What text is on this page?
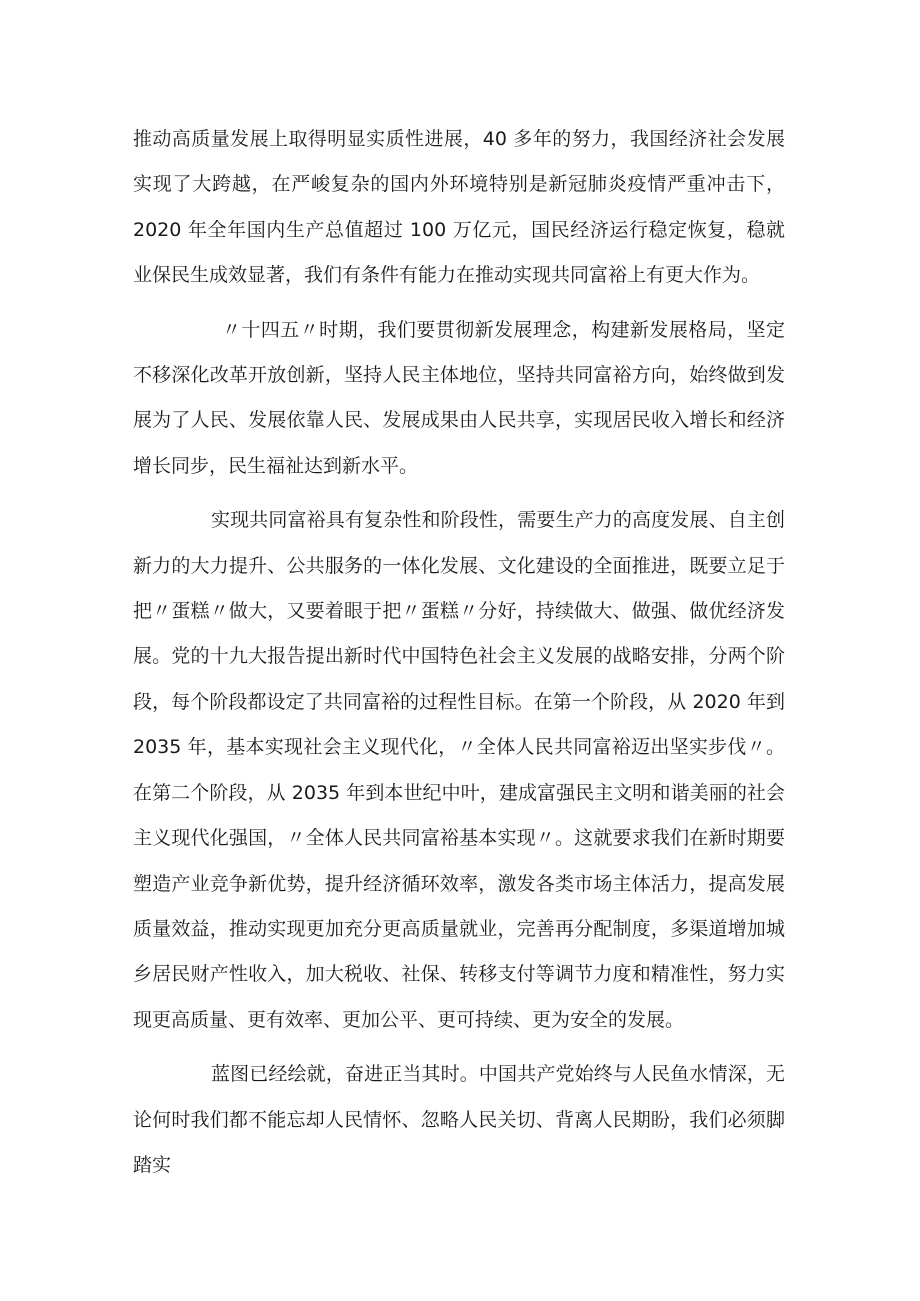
推动高质量发展上取得明显实质性进展，40 多年的努力，我国经济社会发展实现了大跨越，在严峻复杂的国内外环境特别是新冠肺炎疫情严重冲击下，2020 年全年国内生产总值超过 100 万亿元，国民经济运行稳定恢复，稳就业保民生成效显著，我们有条件有能力在推动实现共同富裕上有更大作为。

〃十四五〃时期，我们要贯彻新发展理念，构建新发展格局，坚定不移深化改革开放创新，坚持人民主体地位，坚持共同富裕方向，始终做到发展为了人民、发展依靠人民、发展成果由人民共享，实现居民收入增长和经济增长同步，民生福祉达到新水平。

实现共同富裕具有复杂性和阶段性，需要生产力的高度发展、自主创新力的大力提升、公共服务的一体化发展、文化建设的全面推进，既要立足于把〃蛋糕〃做大，又要着眼于把〃蛋糕〃分好，持续做大、做强、做优经济发展。党的十九大报告提出新时代中国特色社会主义发展的战略安排，分两个阶段，每个阶段都设定了共同富裕的过程性目标。在第一个阶段，从 2020 年到 2035 年，基本实现社会主义现代化，〃全体人民共同富裕迈出坚实步伐〃。在第二个阶段，从 2035 年到本世纪中叶，建成富强民主文明和谐美丽的社会主义现代化强国，〃全体人民共同富裕基本实现〃。这就要求我们在新时期要塑造产业竞争新优势，提升经济循环效率，激发各类市场主体活力，提高发展质量效益，推动实现更加充分更高质量就业，完善再分配制度，多渠道增加城乡居民财产性收入，加大税收、社保、转移支付等调节力度和精准性，努力实现更高质量、更有效率、更加公平、更可持续、更为安全的发展。

蓝图已经绘就，奋进正当其时。中国共产党始终与人民鱼水情深，无论何时我们都不能忘却人民情怀、忽略人民关切、背离人民期盼，我们必须脚踏实
